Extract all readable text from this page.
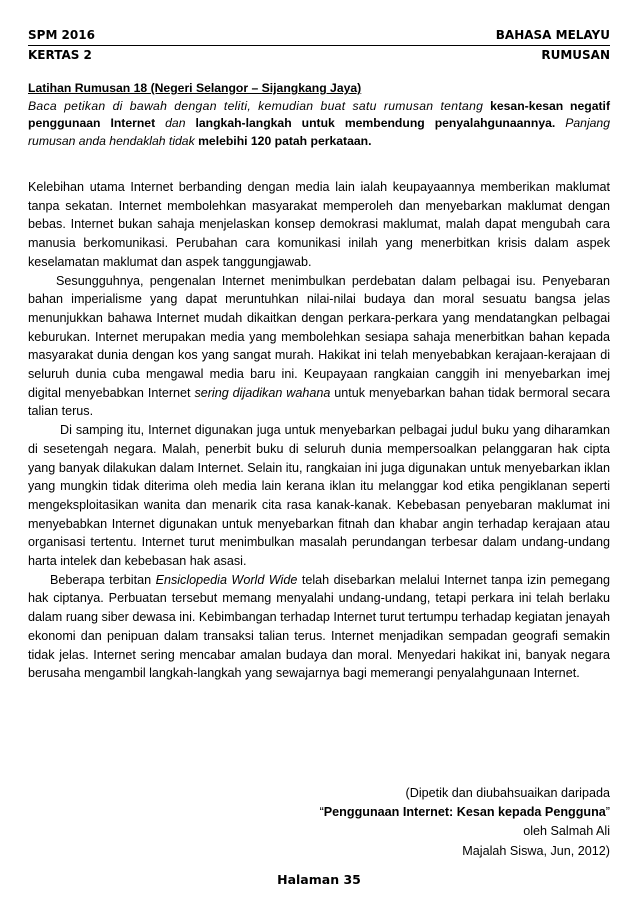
SPM 2016	BAHASA MELAYU
KERTAS 2	RUMUSAN
Latihan Rumusan 18 (Negeri Selangor – Sijangkang Jaya)
Baca petikan di bawah dengan teliti, kemudian buat satu rumusan tentang kesan-kesan negatif penggunaan Internet dan langkah-langkah untuk membendung penyalahgunaannya. Panjang rumusan anda hendaklah tidak melebihi 120 patah perkataan.

Kelebihan utama Internet berbanding dengan media lain ialah keupayaannya memberikan maklumat tanpa sekatan. Internet membolehkan masyarakat memperoleh dan menyebarkan maklumat dengan bebas. Internet bukan sahaja menjelaskan konsep demokrasi maklumat, malah dapat mengubah cara manusia berkomunikasi. Perubahan cara komunikasi inilah yang menerbitkan krisis dalam aspek keselamatan maklumat dan aspek tanggungjawab.

Sesungguhnya, pengenalan Internet menimbulkan perdebatan dalam pelbagai isu. Penyebaran bahan imperialisme yang dapat meruntuhkan nilai-nilai budaya dan moral sesuatu bangsa jelas menunjukkan bahawa Internet mudah dikaitkan dengan perkara-perkara yang mendatangkan pelbagai keburukan. Internet merupakan media yang membolehkan sesiapa sahaja menerbitkan bahan kepada masyarakat dunia dengan kos yang sangat murah. Hakikat ini telah menyebabkan kerajaan-kerajaan di seluruh dunia cuba mengawal media baru ini. Keupayaan rangkaian canggih ini menyebarkan imej digital menyebabkan Internet sering dijadikan wahana untuk menyebarkan bahan tidak bermoral secara talian terus.

Di samping itu, Internet digunakan juga untuk menyebarkan pelbagai judul buku yang diharamkan di sesetengah negara. Malah, penerbit buku di seluruh dunia mempersoalkan pelanggaran hak cipta yang banyak dilakukan dalam Internet. Selain itu, rangkaian ini juga digunakan untuk menyebarkan iklan yang mungkin tidak diterima oleh media lain kerana iklan itu melanggar kod etika pengiklanan seperti mengeksploitasikan wanita dan menarik cita rasa kanak-kanak. Kebebasan penyebaran maklumat ini menyebabkan Internet digunakan untuk menyebarkan fitnah dan khabar angin terhadap kerajaan atau organisasi tertentu. Internet turut menimbulkan masalah perundangan terbesar dalam undang-undang harta intelek dan kebebasan hak asasi.

Beberapa terbitan Ensiclopedia World Wide telah disebarkan melalui Internet tanpa izin pemegang hak ciptanya. Perbuatan tersebut memang menyalahi undang-undang, tetapi perkara ini telah berlaku dalam ruang siber dewasa ini. Kebimbangan terhadap Internet turut tertumpu terhadap kegiatan jenayah ekonomi dan penipuan dalam transaksi talian terus. Internet menjadikan sempadan geografi semakin tidak jelas. Internet sering mencabar amalan budaya dan moral. Menyedari hakikat ini, banyak negara berusaha mengambil langkah-langkah yang sewajarnya bagi memerangi penyalahgunaan Internet.

(Dipetik dan diubahsuaikan daripada
“Penggunaan Internet: Kesan kepada Pengguna”
oleh Salmah Ali
Majalah Siswa, Jun, 2012)
Halaman 35
